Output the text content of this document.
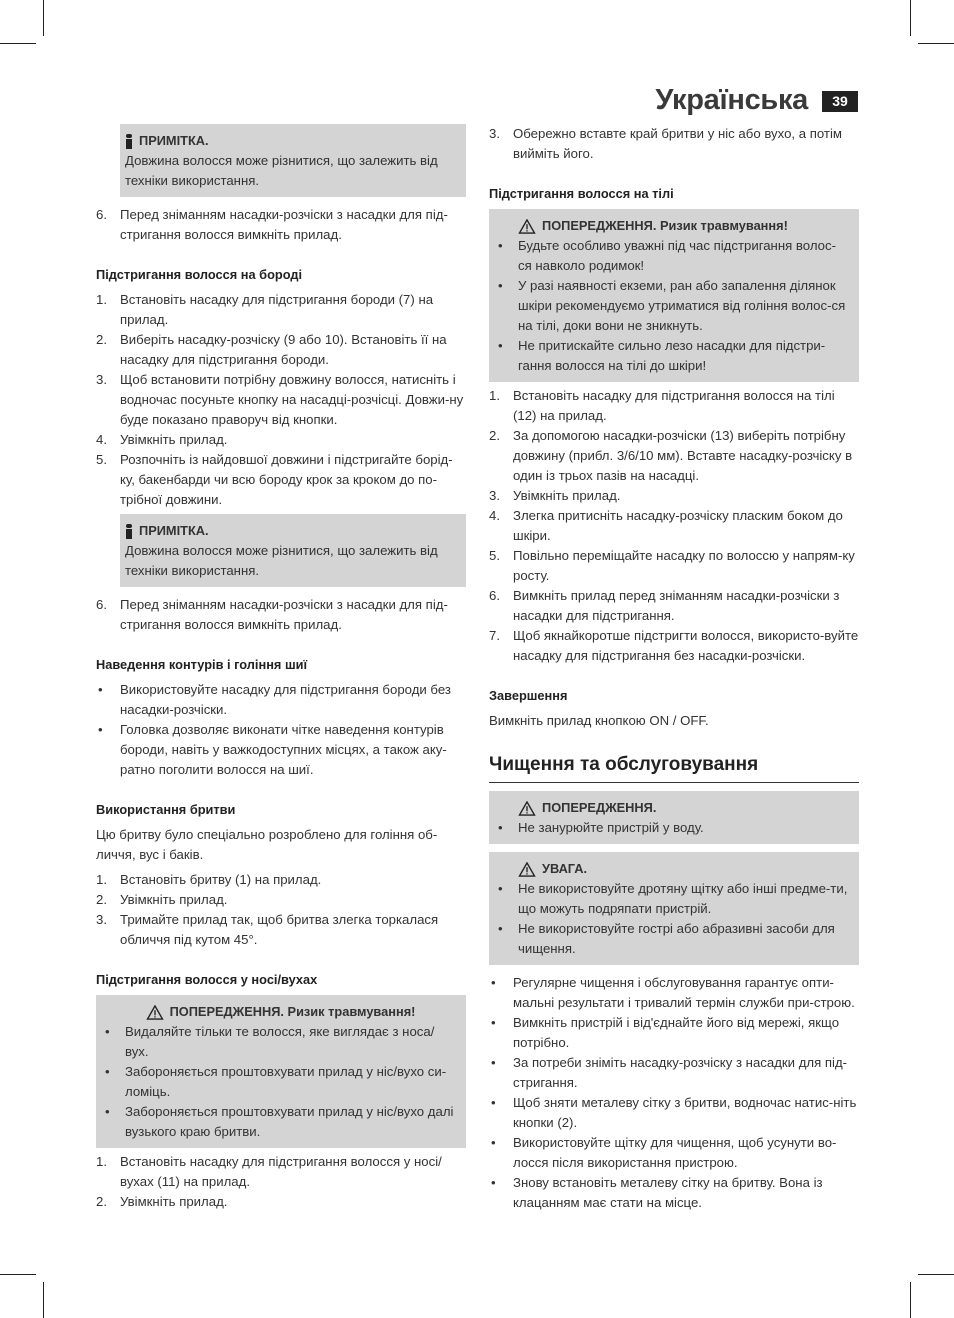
Українська	39
ПРИМІТКА.

Довжина волосся може різнитися, що залежить від техніки використання.

6. Перед зніманням насадки-розчіски з насадки для під-стригання волосся вимкніть прилад.
Підстригання волосся на бороді
1. Встановіть насадку для підстригання бороди (7) на прилад.
2. Виберіть насадку-розчіску (9 або 10). Встановіть її на насадку для підстригання бороди.
3. Щоб встановити потрібну довжину волосся, натисніть і водночас посуньте кнопку на насадці-розчісці. Довжи-ну буде показано праворуч від кнопки.
4. Увімкніть прилад.
5. Розпочніть із найдовшої довжини і підстригайте борід-ку, бакенбарди чи всю бороду крок за кроком до по-трібної довжини.
ПРИМІТКА.

Довжина волосся може різнитися, що залежить від техніки використання.

6. Перед зніманням насадки-розчіски з насадки для під-стригання волосся вимкніть прилад.
Наведення контурів і гоління шиї
• Використовуйте насадку для підстригання бороди без насадки-розчіски.
• Головка дозволяє виконати чітке наведення контурів бороди, навіть у важкодоступних місцях, а також аку-ратно поголити волосся на шиї.
Використання бритви

Цю бритву було спеціально розроблено для гоління об-личчя, вус і баків.

1. Встановіть бритву (1) на прилад.
2. Увімкніть прилад.
3. Тримайте прилад так, щоб бритва злегка торкалася обличчя під кутом 45°.
Підстригання волосся у носі/вухах
ПОПЕРЕДЖЕННЯ. Ризик травмування!
• Видаляйте тільки те волосся, яке виглядає з носа/вух.
• Забороняється проштовхувати прилад у ніс/вухо си-ломіць.
• Забороняється проштовхувати прилад у ніс/вухо далі вузького краю бритви.
1. Встановіть насадку для підстригання волосся у носі/ вухах (11) на прилад.
2. Увімкніть прилад.
3. Обережно вставте край бритви у ніс або вухо, а потім вийміть його.
Підстригання волосся на тілі
ПОПЕРЕДЖЕННЯ. Ризик травмування!
• Будьте особливо уважні під час підстригання волос-ся навколо родимок!
• У разі наявності екземи, ран або запалення ділянок шкіри рекомендуємо утриматися від гоління волос-ся на тілі, доки вони не зникнуть.
• Не притискайте сильно лезо насадки для підстри-гання волосся на тілі до шкіри!
1. Встановіть насадку для підстригання волосся на тілі (12) на прилад.
2. За допомогою насадки-розчіски (13) виберіть потрібну довжину (прибл. 3/6/10 мм). Вставте насадку-розчіску в один із трьох пазів на насадці.
3. Увімкніть прилад.
4. Злегка притисніть насадку-розчіску пласким боком до шкіри.
5. Повільно переміщайте насадку по волоссю у напрям-ку росту.
6. Вимкніть прилад перед зніманням насадки-розчіски з насадки для підстригання.
7. Щоб якнайкоротше підстригти волосся, використо-вуйте насадку для підстригання без насадки-розчіски.
Завершення

Вимкніть прилад кнопкою ON / OFF.

Чищення та обслуговування
ПОПЕРЕДЖЕННЯ.
• Не занурюйте пристрій у воду.
УВАГА.
• Не використовуйте дротяну щітку або інші предме-ти, що можуть подряпати пристрій.
• Не використовуйте гострі або абразивні засоби для чищення.
• Регулярне чищення і обслуговування гарантує опти-мальні результати і тривалий термін служби при-строю.
• Вимкніть пристрій і від'єднайте його від мережі, якщо потрібно.
• За потреби зніміть насадку-розчіску з насадки для під-стригання.
• Щоб зняти металеву сітку з бритви, водночас натис-ніть кнопки (2).
• Використовуйте щітку для чищення, щоб усунути во-лосся після використання пристрою.
• Знову встановіть металеву сітку на бритву. Вона із клацанням має стати на місце.
